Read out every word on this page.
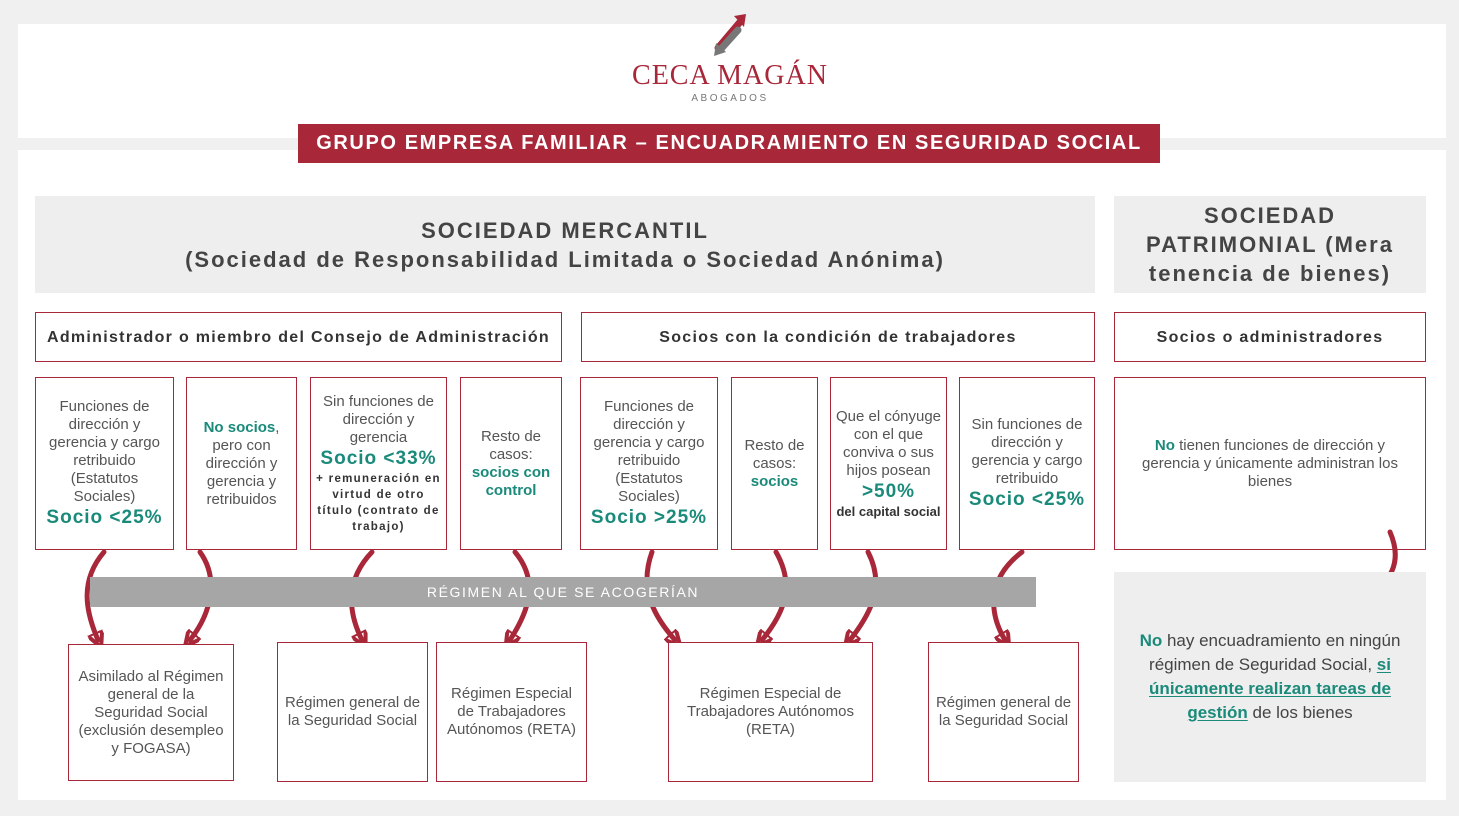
CECA MAGÁN
ABOGADOS
GRUPO EMPRESA FAMILIAR – ENCUADRAMIENTO EN SEGURIDAD SOCIAL
SOCIEDAD MERCANTIL
(Sociedad de Responsabilidad Limitada o Sociedad Anónima)
SOCIEDAD
PATRIMONIAL (Mera
tenencia de bienes)
Administrador o miembro del Consejo de Administración	Socios con la condición de trabajadores	Socios o administradores
Funciones de dirección y gerencia y cargo retribuido (Estatutos Sociales)
Socio <25%
No socios, pero con dirección y gerencia y retribuidos
Sin funciones de dirección y gerencia
Socio <33%
+ remuneración en virtud de otro título (contrato de trabajo)
Resto de casos:
socios con control
Funciones de dirección y gerencia y cargo retribuido (Estatutos Sociales)
Socio >25%
Resto de casos:
socios
Que el cónyuge con el que conviva o sus hijos posean
>50%
del capital social
Sin funciones de dirección y gerencia y cargo retribuido
Socio <25%
No tienen funciones de dirección y gerencia y únicamente administran los bienes
RÉGIMEN AL QUE SE ACOGERÍAN
Asimilado al Régimen general de la Seguridad Social (exclusión desempleo y FOGASA)
Régimen general de la Seguridad Social
Régimen Especial de Trabajadores Autónomos (RETA)
Régimen Especial de Trabajadores Autónomos (RETA)
Régimen general de la Seguridad Social
No hay encuadramiento en ningún régimen de Seguridad Social, si únicamente realizan tareas de gestión de los bienes
